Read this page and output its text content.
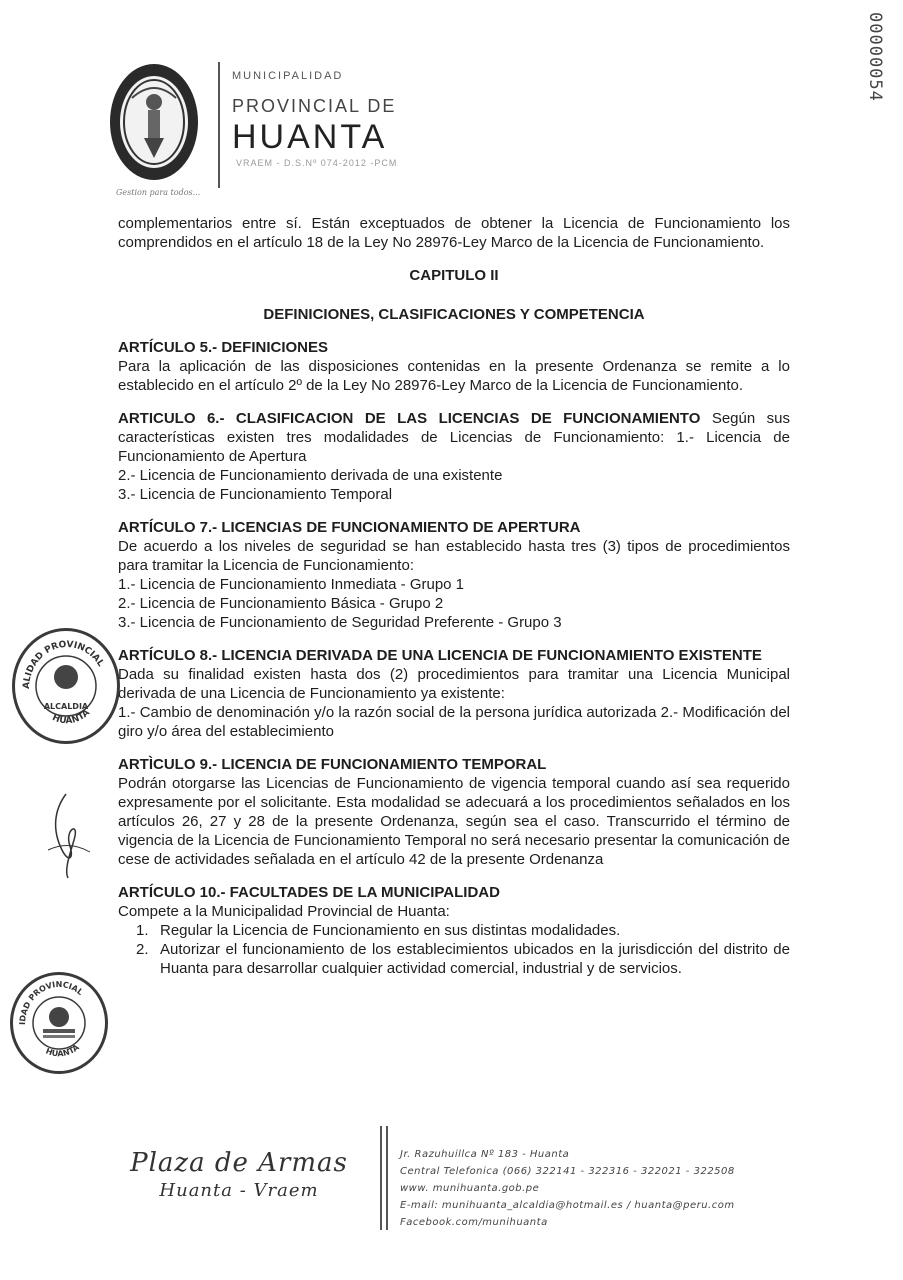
00000054
Gestion para todos...
MUNICIPALIDAD
PROVINCIAL DE
HUANTA
VRAEM - D.S.Nº 074-2012 -PCM

complementarios entre sí. Están exceptuados de obtener la Licencia de Funcionamiento los comprendidos en el artículo 18 de la Ley No 28976-Ley Marco de la Licencia de Funcionamiento.

CAPITULO II
DEFINICIONES, CLASIFICACIONES Y COMPETENCIA
ARTÍCULO 5.- DEFINICIONES

Para la aplicación de las disposiciones contenidas en la presente Ordenanza se remite a lo establecido en el artículo 2º de la Ley No 28976-Ley Marco de la Licencia de Funcionamiento.

ARTICULO 6.- CLASIFICACION DE LAS LICENCIAS DE FUNCIONAMIENTO Según sus características existen tres modalidades de Licencias de Funcionamiento: 1.- Licencia de Funcionamiento de Apertura

2.- Licencia de Funcionamiento derivada de una existente
3.- Licencia de Funcionamiento Temporal
ARTÍCULO 7.- LICENCIAS DE FUNCIONAMIENTO DE APERTURA

De acuerdo a los niveles de seguridad se han establecido hasta tres (3) tipos de procedimientos para tramitar la Licencia de Funcionamiento:

1.- Licencia de Funcionamiento Inmediata - Grupo 1
2.- Licencia de Funcionamiento Básica - Grupo 2
3.- Licencia de Funcionamiento de Seguridad Preferente - Grupo 3

ARTÍCULO 8.- LICENCIA DERIVADA DE UNA LICENCIA DE FUNCIONAMIENTO EXISTENTE

Dada su finalidad existen hasta dos (2) procedimientos para tramitar una Licencia Municipal derivada de una Licencia de Funcionamiento ya existente:

1.- Cambio de denominación y/o la razón social de la persona jurídica autorizada 2.- Modificación del giro y/o área del establecimiento

ARTÌCULO 9.- LICENCIA DE FUNCIONAMIENTO TEMPORAL

Podrán otorgarse las Licencias de Funcionamiento de vigencia temporal cuando así sea requerido expresamente por el solicitante. Esta modalidad se adecuará a los procedimientos señalados en los artículos 26, 27 y 28 de la presente Ordenanza, según sea el caso. Transcurrido el término de vigencia de la Licencia de Funcionamiento Temporal no será necesario presentar la comunicación de cese de actividades señalada en el artículo 42 de la presente Ordenanza

ARTÍCULO 10.- FACULTADES DE LA MUNICIPALIDAD

Compete a la Municipalidad Provincial de Huanta:

1. Regular la Licencia de Funcionamiento en sus distintas modalidades.
2. Autorizar el funcionamiento de los establecimientos ubicados en la jurisdicción del distrito de Huanta para desarrollar cualquier actividad comercial, industrial y de servicios.
ALIDAD PROVINCIAL
HUANTA
ALCALDIA
IDAD PROVINCIAL
HUANTA
Plaza de Armas
Huanta - Vraem
Jr. Razuhuillca Nº 183 - Huanta
Central Telefonica (066) 322141 - 322316 - 322021 - 322508
www. munihuanta.gob.pe
E-mail: munihuanta_alcaldia@hotmail.es / huanta@peru.com
Facebook.com/munihuanta
